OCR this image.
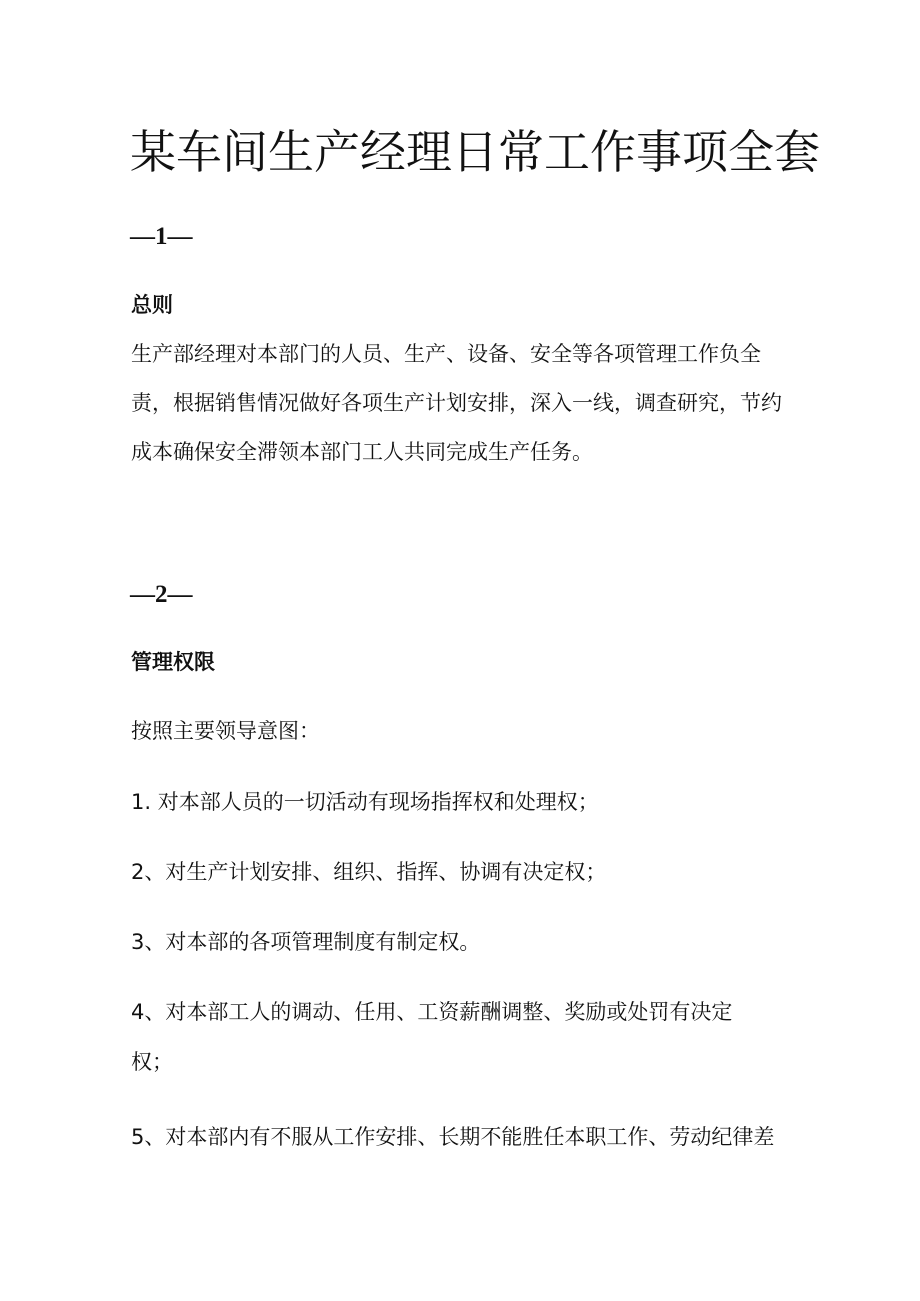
某车间生产经理日常工作事项全套
—1—
总则

生产部经理对本部门的人员、生产、设备、安全等各项管理工作负全责，根据销售情况做好各项生产计划安排，深入一线，调查研究，节约成本确保安全滞领本部门工人共同完成生产任务。

—2—
管理权限
按照主要领导意图：
1. 对本部人员的一切活动有现场指挥权和处理权；
2、对生产计划安排、组织、指挥、协调有决定权；
3、对本部的各项管理制度有制定权。

4、对本部工人的调动、任用、工资薪酬调整、奖励或处罚有决定权；

5、对本部内有不服从工作安排、长期不能胜任本职工作、劳动纪律差
